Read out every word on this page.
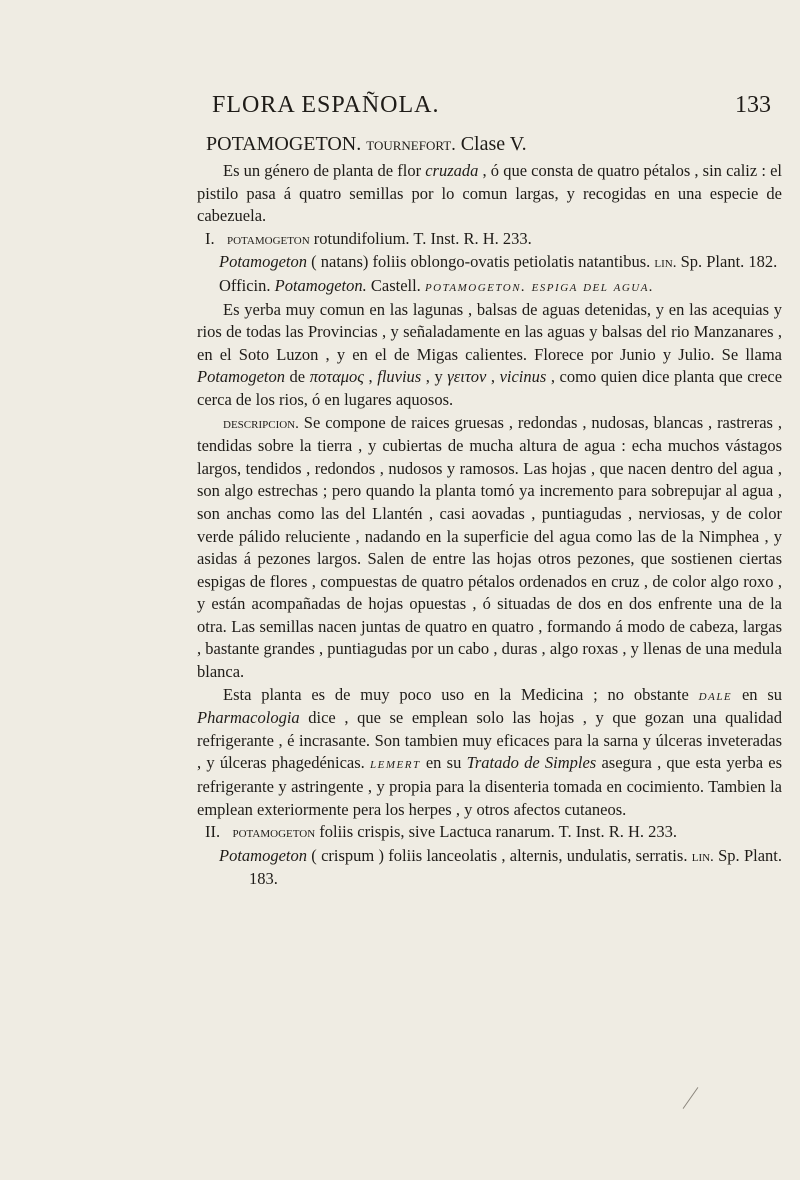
FLORA ESPAÑOLA.	133
POTAMOGETON. tournefort. Clase V.

Es un género de planta de flor cruzada , ó que consta de quatro pétalos , sin caliz : el pistilo pasa á quatro semillas por lo comun largas, y recogidas en una especie de cabezuela.

I. potamogeton rotundifolium. T. Inst. R. H. 233.

Potamogeton ( natans) foliis oblongo-ovatis petiolatis natantibus. lin. Sp. Plant. 182.

Officin. Potamogeton. Castell. potamogeton. espiga del agua.

Es yerba muy comun en las lagunas , balsas de aguas detenidas, y en las acequias y rios de todas las Provincias , y señaladamente en las aguas y balsas del rio Manzanares , en el Soto Luzon , y en el de Migas calientes. Florece por Junio y Julio. Se llama Potamogeton de ποταμος , fluvius , y γειτον , vicinus , como quien dice planta que crece cerca de los rios, ó en lugares aquosos.

descripcion. Se compone de raices gruesas , redondas , nudosas, blancas , rastreras , tendidas sobre la tierra , y cubiertas de mucha altura de agua : echa muchos vástagos largos, tendidos , redondos , nudosos y ramosos. Las hojas , que nacen dentro del agua , son algo estrechas ; pero quando la planta tomó ya incremento para sobrepujar al agua , son anchas como las del Llantén , casi aovadas , puntiagudas , nerviosas, y de color verde pálido reluciente , nadando en la superficie del agua como las de la Nimphea , y asidas á pezones largos. Salen de entre las hojas otros pezones, que sostienen ciertas espigas de flores , compuestas de quatro pétalos ordenados en cruz , de color algo roxo , y están acompañadas de hojas opuestas , ó situadas de dos en dos enfrente una de la otra. Las semillas nacen juntas de quatro en quatro , formando á modo de cabeza, largas , bastante grandes , puntiagudas por un cabo , duras , algo roxas , y llenas de una medula blanca.

Esta planta es de muy poco uso en la Medicina ; no obstante dale en su Pharmacologia dice , que se emplean solo las hojas , y que gozan una qualidad refrigerante , é incrasante. Son tambien muy eficaces para la sarna y úlceras inveteradas , y úlceras phagedénicas. lemert en su Tratado de Simples asegura , que esta yerba es refrigerante y astringente , y propia para la disenteria tomada en cocimiento. Tambien la emplean exteriormente pera los herpes , y otros afectos cutaneos.

II. potamogeton foliis crispis, sive Lactuca ranarum. T. Inst. R. H. 233.

Potamogeton ( crispum ) foliis lanceolatis , alternis, undulatis, serratis. lin. Sp. Plant. 183.
